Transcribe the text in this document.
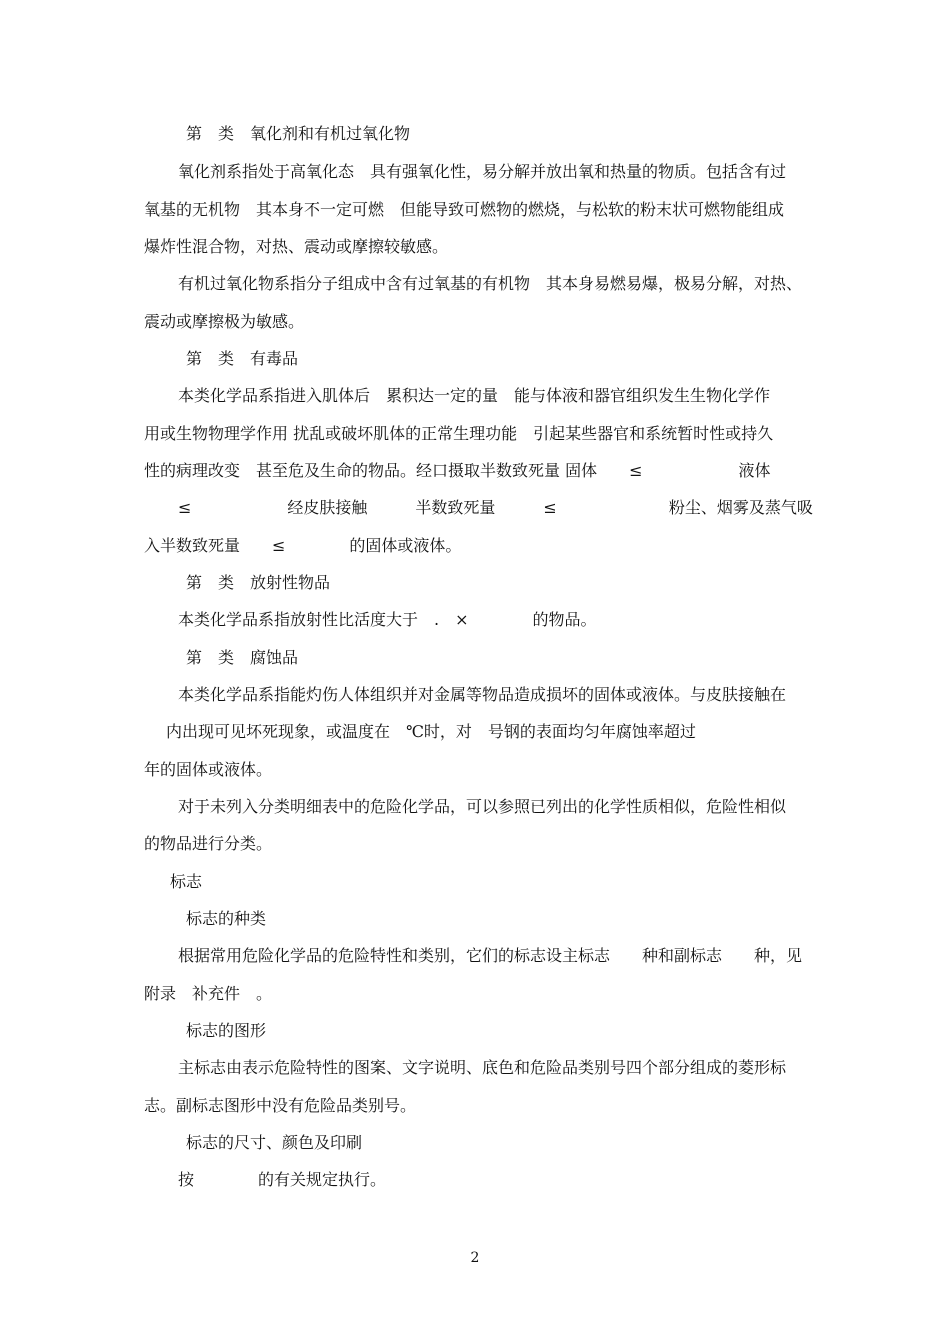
第　类　氧化剂和有机过氧化物
氧化剂系指处于高氧化态　具有强氧化性，易分解并放出氧和热量的物质。包括含有过
氧基的无机物　其本身不一定可燃　但能导致可燃物的燃烧，与松软的粉末状可燃物能组成
爆炸性混合物，对热、震动或摩擦较敏感。
有机过氧化物系指分子组成中含有过氧基的有机物　其本身易燃易爆，极易分解，对热、
震动或摩擦极为敏感。
第　类　有毒品
本类化学品系指进入肌体后　累积达一定的量　能与体液和器官组织发生生物化学作
用或生物物理学作用 扰乱或破坏肌体的正常生理功能　引起某些器官和系统暂时性或持久
性的病理改变　甚至危及生命的物品。经口摄取半数致死量 固体　　≤　　　　　　液体
≤　　　　　　经皮肤接触　　　半数致死量　　　≤　　　　　　　粉尘、烟雾及蒸气吸
入半数致死量　　≤　　　　的固体或液体。
第　类　放射性物品
本类化学品系指放射性比活度大于　.　×　　　　的物品。
第　类　腐蚀品
本类化学品系指能灼伤人体组织并对金属等物品造成损坏的固体或液体。与皮肤接触在
内出现可见坏死现象，或温度在　℃时，对　号钢的表面均匀年腐蚀率超过
年的固体或液体。
对于未列入分类明细表中的危险化学品，可以参照已列出的化学性质相似，危险性相似
的物品进行分类。
标志
标志的种类
根据常用危险化学品的危险特性和类别，它们的标志设主标志　　种和副标志　　种，见
附录　补充件　。
标志的图形
主标志由表示危险特性的图案、文字说明、底色和危险品类别号四个部分组成的菱形标
志。副标志图形中没有危险品类别号。
标志的尺寸、颜色及印刷
按　　　　的有关规定执行。
2
